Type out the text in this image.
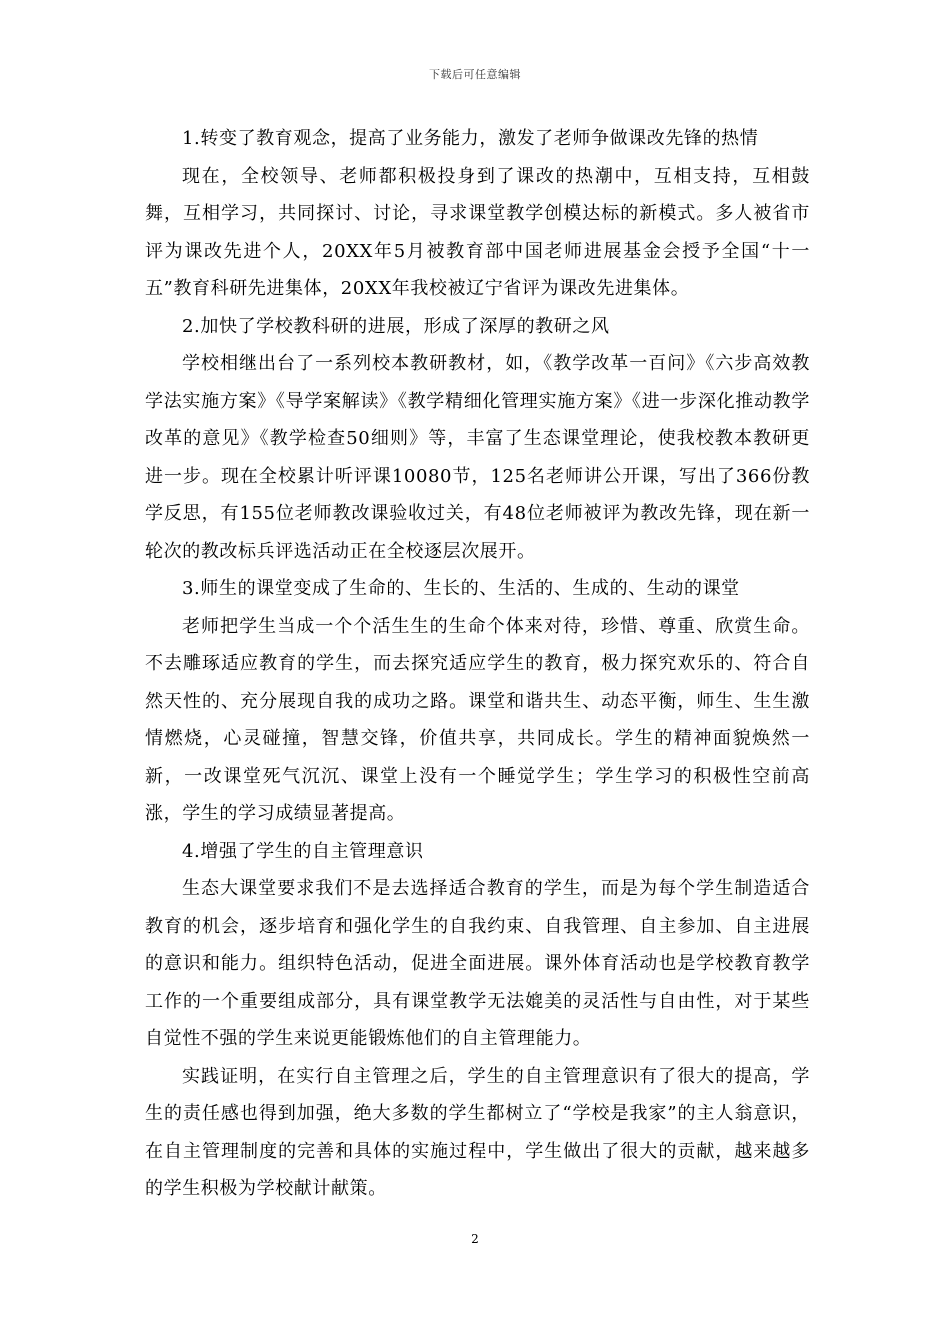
下载后可任意编辑

1.转变了教育观念，提高了业务能力，激发了老师争做课改先锋的热情

现在，全校领导、老师都积极投身到了课改的热潮中，互相支持，互相鼓舞，互相学习，共同探讨、讨论，寻求课堂教学创模达标的新模式。多人被省市评为课改先进个人，20XX年5月被教育部中国老师进展基金会授予全国“十一五”教育科研先进集体，20XX年我校被辽宁省评为课改先进集体。

2.加快了学校教科研的进展，形成了深厚的教研之风

学校相继出台了一系列校本教研教材，如，《教学改革一百问》《六步高效教学法实施方案》《导学案解读》《教学精细化管理实施方案》《进一步深化推动教学改革的意见》《教学检查50细则》等，丰富了生态课堂理论，使我校教本教研更进一步。现在全校累计听评课10080节，125名老师讲公开课，写出了366份教学反思，有155位老师教改课验收过关，有48位老师被评为教改先锋，现在新一轮次的教改标兵评选活动正在全校逐层次展开。

3.师生的课堂变成了生命的、生长的、生活的、生成的、生动的课堂

老师把学生当成一个个活生生的生命个体来对待，珍惜、尊重、欣赏生命。不去雕琢适应教育的学生，而去探究适应学生的教育，极力探究欢乐的、符合自然天性的、充分展现自我的成功之路。课堂和谐共生、动态平衡，师生、生生激情燃烧，心灵碰撞，智慧交锋，价值共享，共同成长。学生的精神面貌焕然一新，一改课堂死气沉沉、课堂上没有一个睡觉学生；学生学习的积极性空前高涨，学生的学习成绩显著提高。

4.增强了学生的自主管理意识

生态大课堂要求我们不是去选择适合教育的学生，而是为每个学生制造适合教育的机会，逐步培育和强化学生的自我约束、自我管理、自主参加、自主进展的意识和能力。组织特色活动，促进全面进展。课外体育活动也是学校教育教学工作的一个重要组成部分，具有课堂教学无法媲美的灵活性与自由性，对于某些自觉性不强的学生来说更能锻炼他们的自主管理能力。

实践证明，在实行自主管理之后，学生的自主管理意识有了很大的提高，学生的责任感也得到加强，绝大多数的学生都树立了“学校是我家”的主人翁意识，在自主管理制度的完善和具体的实施过程中，学生做出了很大的贡献，越来越多的学生积极为学校献计献策。

2
